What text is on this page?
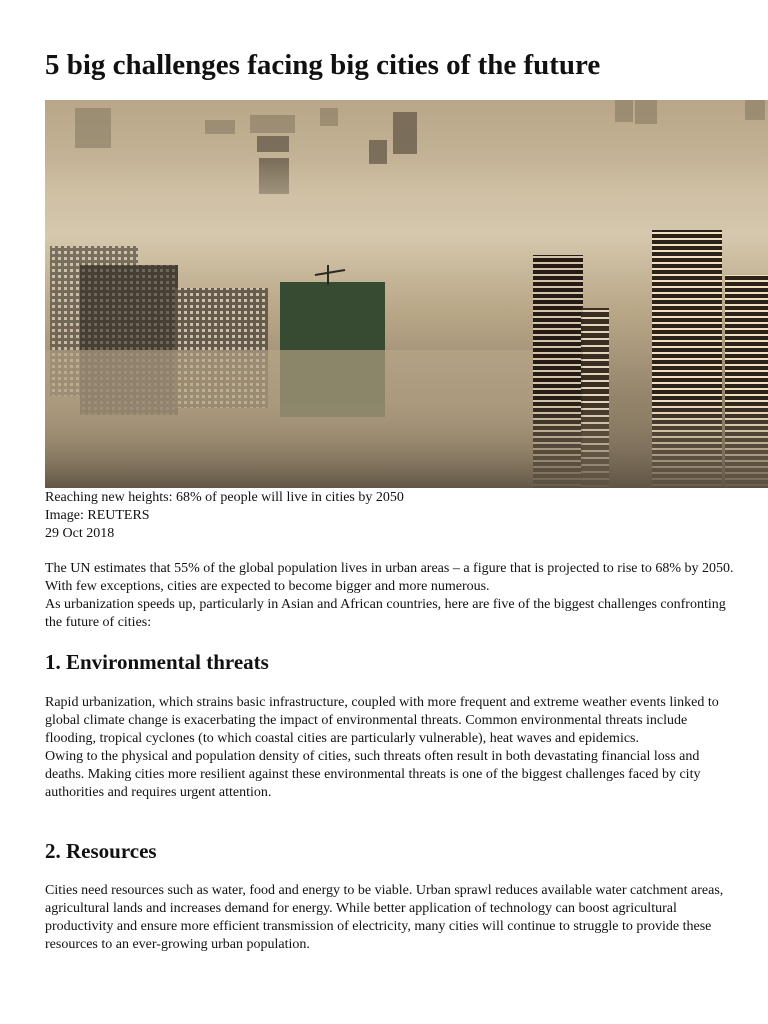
5 big challenges facing big cities of the future
Reaching new heights: 68% of people will live in cities by 2050
Image: REUTERS
29 Oct 2018

The UN estimates that 55% of the global population lives in urban areas – a figure that is projected to rise to 68% by 2050. With few exceptions, cities are expected to become bigger and more numerous.

As urbanization speeds up, particularly in Asian and African countries, here are five of the biggest challenges confronting the future of cities:

1. Environmental threats

Rapid urbanization, which strains basic infrastructure, coupled with more frequent and extreme weather events linked to global climate change is exacerbating the impact of environmental threats. Common environmental threats include flooding, tropical cyclones (to which coastal cities are particularly vulnerable), heat waves and epidemics.

Owing to the physical and population density of cities, such threats often result in both devastating financial loss and deaths. Making cities more resilient against these environmental threats is one of the biggest challenges faced by city authorities and requires urgent attention.

2. Resources

Cities need resources such as water, food and energy to be viable. Urban sprawl reduces available water catchment areas, agricultural lands and increases demand for energy. While better application of technology can boost agricultural productivity and ensure more efficient transmission of electricity, many cities will continue to struggle to provide these resources to an ever-growing urban population.
